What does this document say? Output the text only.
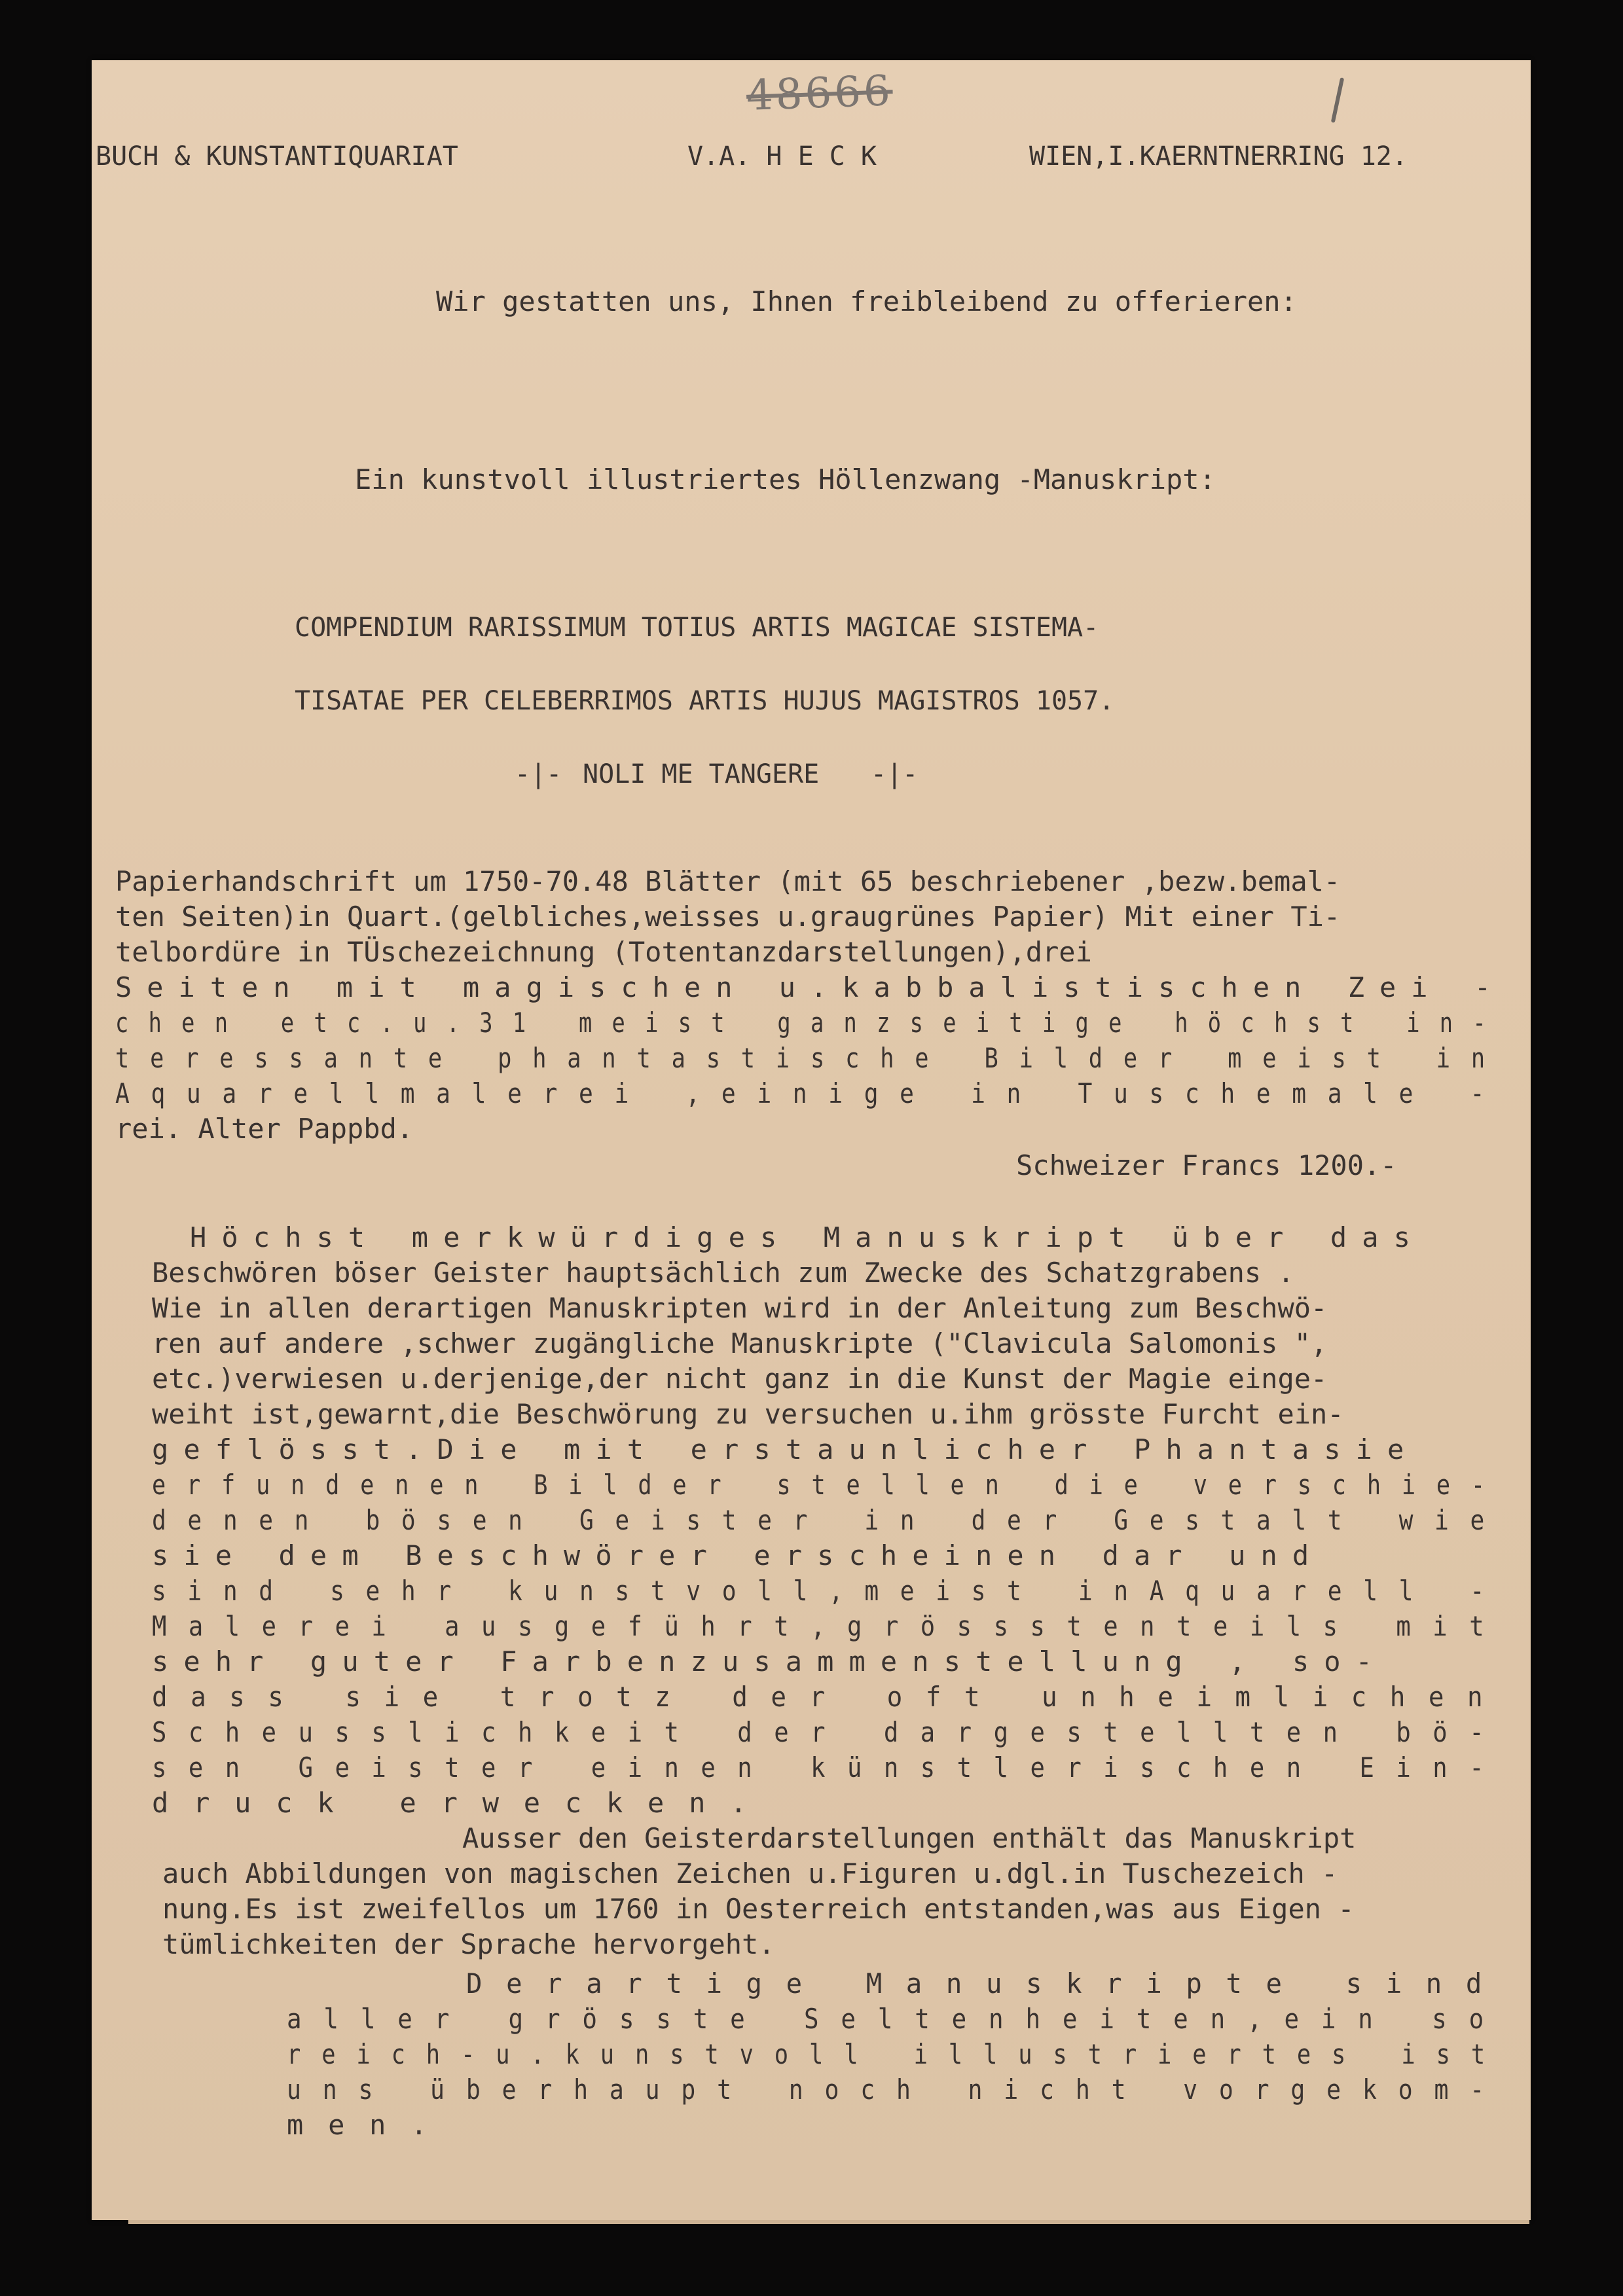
48666
BUCH & KUNSTANTIQUARIAT	V.A. H E C K	WIEN,I.KAERNTNERRING 12.
Wir gestatten uns, Ihnen freibleibend zu offerieren:
Ein kunstvoll illustriertes Höllenzwang -Manuskript:
COMPENDIUM RARISSIMUM TOTIUS ARTIS MAGICAE SISTEMA-
TISATAE PER CELEBERRIMOS ARTIS HUJUS MAGISTROS 1057.
-|- NOLI ME TANGERE -|-
Papierhandschrift um 1750-70.48 Blätter (mit 65 beschriebener ,bezw.bemal-
ten Seiten)in Quart.(gelbliches,weisses u.graugrünes Papier) Mit einer Ti-
telbordüre in TÜschezeichnung (Totentanzdarstellungen),drei
Seiten mit magischen u.kabbalistischen Zei -
chen etc.u.31 meist ganzseitige höchst in-
teressante phantastische Bilder meist in
Aquarellmalerei ,einige in Tuschemale -
rei. Alter Pappbd.
Schweizer Francs 1200.-
Höchst merkwürdiges Manuskript über das
Beschwören böser Geister hauptsächlich zum Zwecke des Schatzgrabens .
Wie in allen derartigen Manuskripten wird in der Anleitung zum Beschwö-
ren auf andere ,schwer zugängliche Manuskripte ("Clavicula Salomonis ",
etc.)verwiesen u.derjenige,der nicht ganz in die Kunst der Magie einge-
weiht ist,gewarnt,die Beschwörung zu versuchen u.ihm grösste Furcht ein-
geflösst.Die mit erstaunlicher Phantasie
erfundenen Bilder stellen die verschie-
denen bösen Geister in der Gestalt wie
sie dem Beschwörer erscheinen dar und
sind sehr kunstvoll,meist inAquarell -
Malerei ausgeführt,grössstenteils mit
sehr guter Farbenzusammenstellung , so-
dass sie trotz der oft unheimlichen
Scheusslichkeit der dargestellten bö-
sen Geister einen künstlerischen Ein-
druck erwecken.
Ausser den Geisterdarstellungen enthält das Manuskript
auch Abbildungen von magischen Zeichen u.Figuren u.dgl.in Tuschezeich -
nung.Es ist zweifellos um 1760 in Oesterreich entstanden,was aus Eigen -
tümlichkeiten der Sprache hervorgeht.
Derartige Manuskripte sind
aller grösste Seltenheiten,ein so
reich-u.kunstvoll illustriertes ist
uns überhaupt noch nicht vorgekom-
men.
